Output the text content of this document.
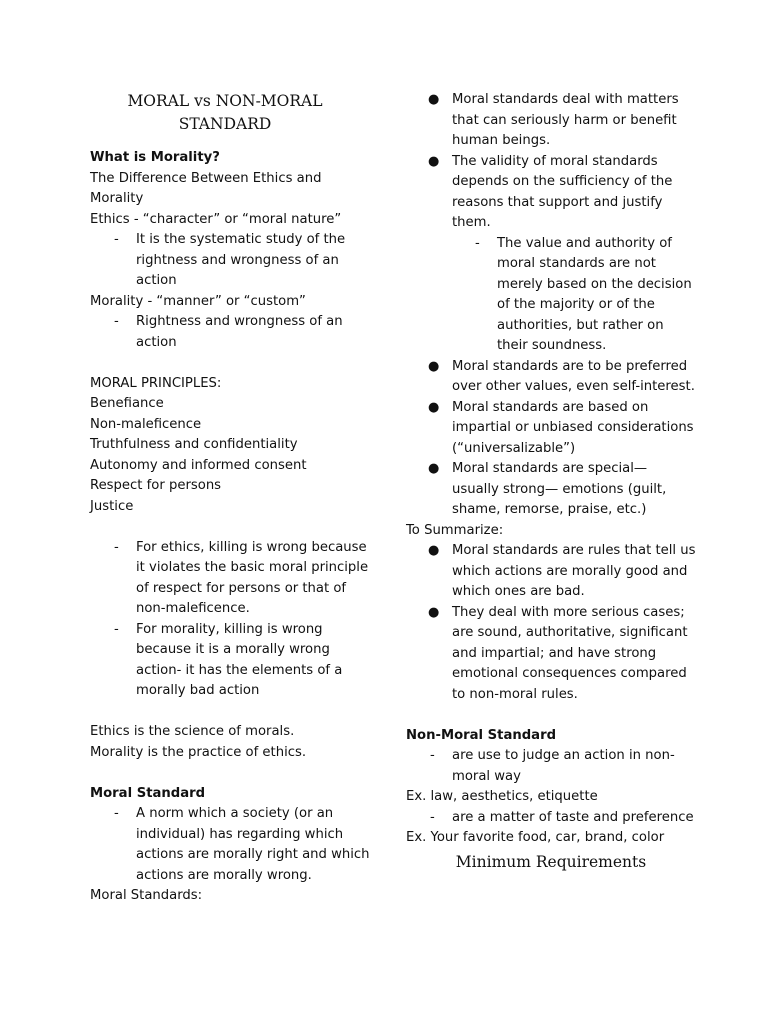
MORAL vs NON-MORAL
STANDARD

What is Morality?

The Difference Between Ethics and

Morality

Ethics - “character” or “moral nature”

- It is the systematic study of the rightness and wrongness of an action

Morality - “manner” or “custom”

- Rightness and wrongness of an action

MORAL PRINCIPLES:

Benefiance

Non-maleficence

Truthfulness and confidentiality

Autonomy and informed consent

Respect for persons

Justice

- For ethics, killing is wrong because it violates the basic moral principle of respect for persons or that of non-maleficence.

- For morality, killing is wrong because it is a morally wrong action- it has the elements of a morally bad action

Ethics is the science of morals.

Morality is the practice of ethics.

Moral Standard

- A norm which a society (or an individual) has regarding which actions are morally right and which actions are morally wrong.

Moral Standards:

● Moral standards deal with matters that can seriously harm or benefit human beings.

● The validity of moral standards depends on the sufficiency of the reasons that support and justify them.

- The value and authority of moral standards are not merely based on the decision of the majority or of the authorities, but rather on their soundness.

● Moral standards are to be preferred over other values, even self-interest.

● Moral standards are based on impartial or unbiased considerations (“universalizable”)

● Moral standards are special— usually strong— emotions (guilt, shame, remorse, praise, etc.)

To Summarize:

● Moral standards are rules that tell us which actions are morally good and which ones are bad.

● They deal with more serious cases; are sound, authoritative, significant and impartial; and have strong emotional consequences compared to non-moral rules.

Non-Moral Standard

- are use to judge an action in non-moral way

Ex. law, aesthetics, etiquette

- are a matter of taste and preference

Ex. Your favorite food, car, brand, color

Minimum Requirements
